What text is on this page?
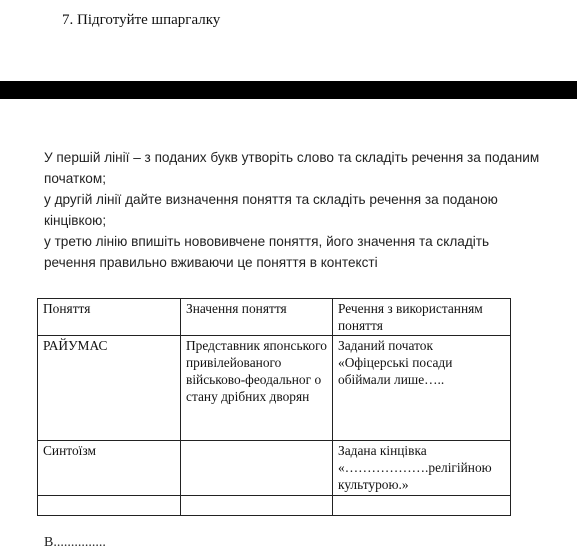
7. Підготуйте шпаргалку

У першій лінії – з поданих букв утворіть слово та складіть речення за поданим початком;

у другій лінії дайте визначення поняття та складіть речення за поданою кінцівкою;

у третю лінію впишіть нововивчене поняття, його значення та складіть речення правильно вживаючи це поняття в контексті

Поняття	Значення поняття	Речення з використанням поняття
РАЙУМАС	Представник японського привілейованого військово-феодальног о стану дрібних дворян	Заданий початок «Офіцерські посади обіймали лише…..
Синтоїзм		Задана кінцівка «……………….релігійною культурою.»

В...............
